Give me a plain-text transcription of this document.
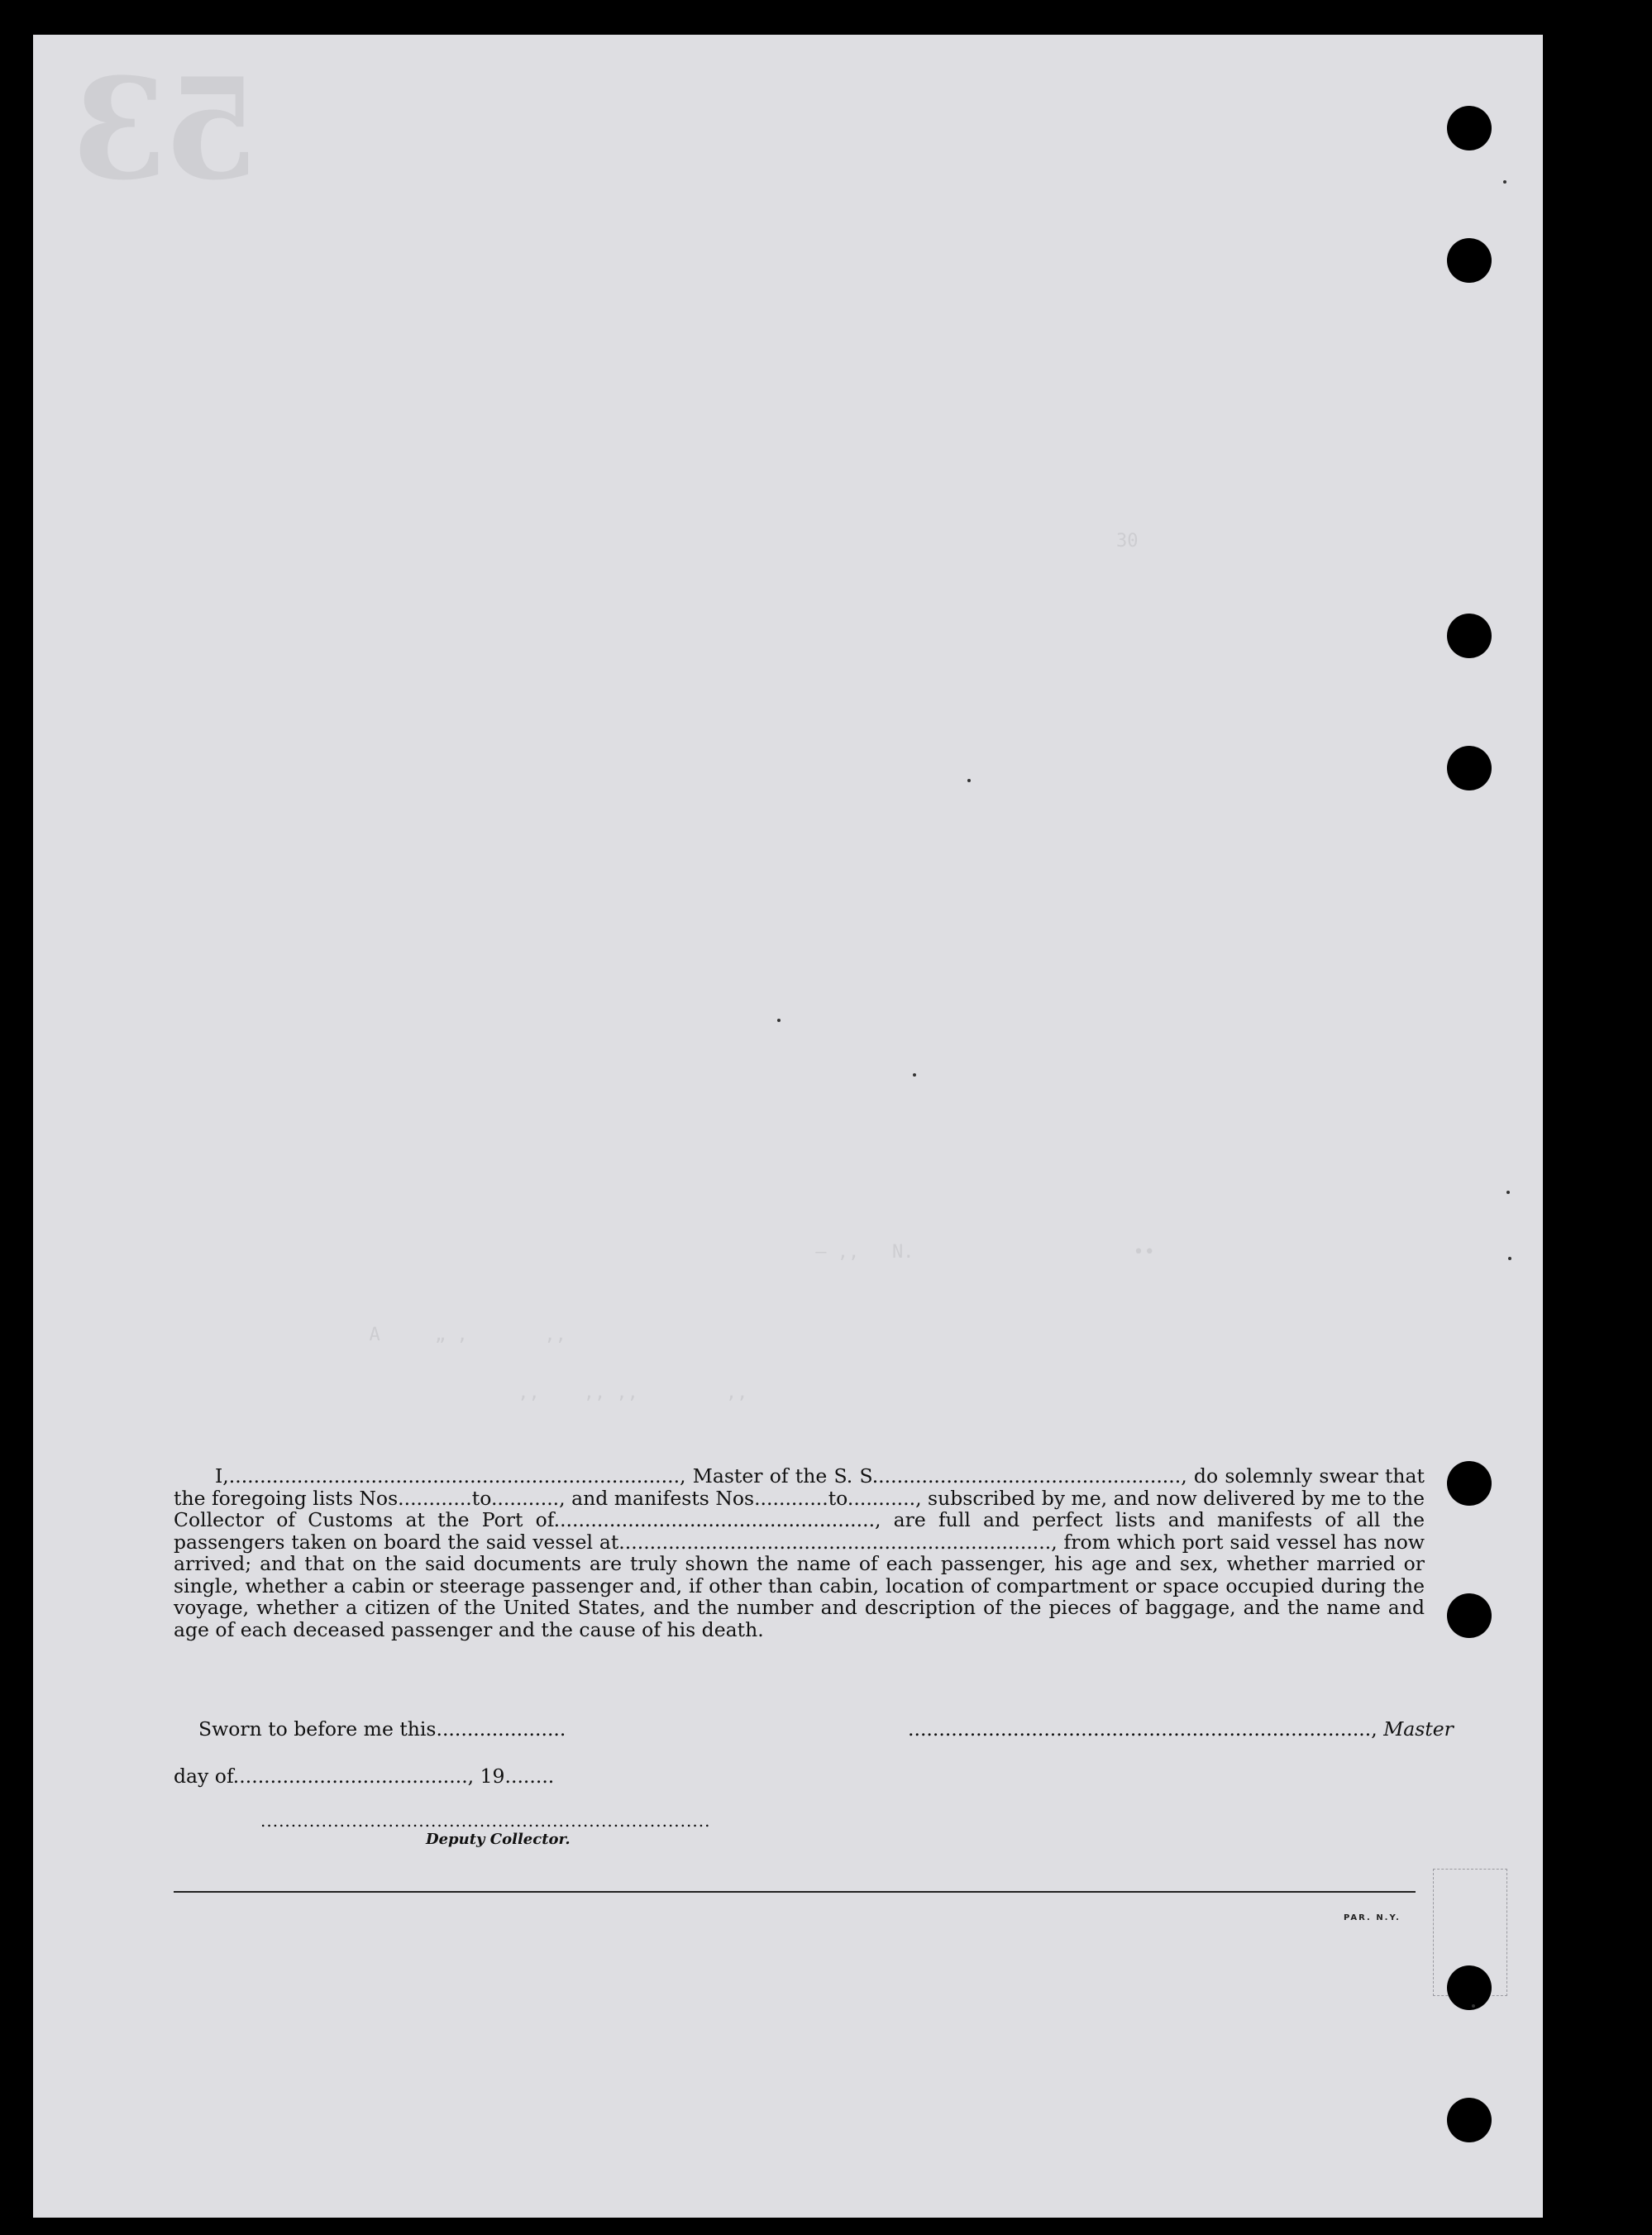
53
30
— ,,   N.                    ••
A     „ ,       ,,
,,    ,, ,,        ,,

I,........................................................................., Master of the S. S.................................................., do solemnly swear that the foregoing lists Nos............to..........., and manifests Nos............to..........., subscribed by me, and now delivered by me to the Collector of Customs at the Port of...................................................., are full and perfect lists and manifests of all the passengers taken on board the said vessel at......................................................................, from which port said vessel has now arrived; and that on the said documents are truly shown the name of each passenger, his age and sex, whether married or single, whether a cabin or steerage passenger and, if other than cabin, location of compartment or space occupied during the voyage, whether a citizen of the United States, and the number and description of the pieces of baggage, and the name and age of each deceased passenger and the cause of his death.

Sworn to before me this.....................	..........................................................................., Master
day of......................................, 19........
..........................................................................
Deputy Collector.
PAR. N.Y.
